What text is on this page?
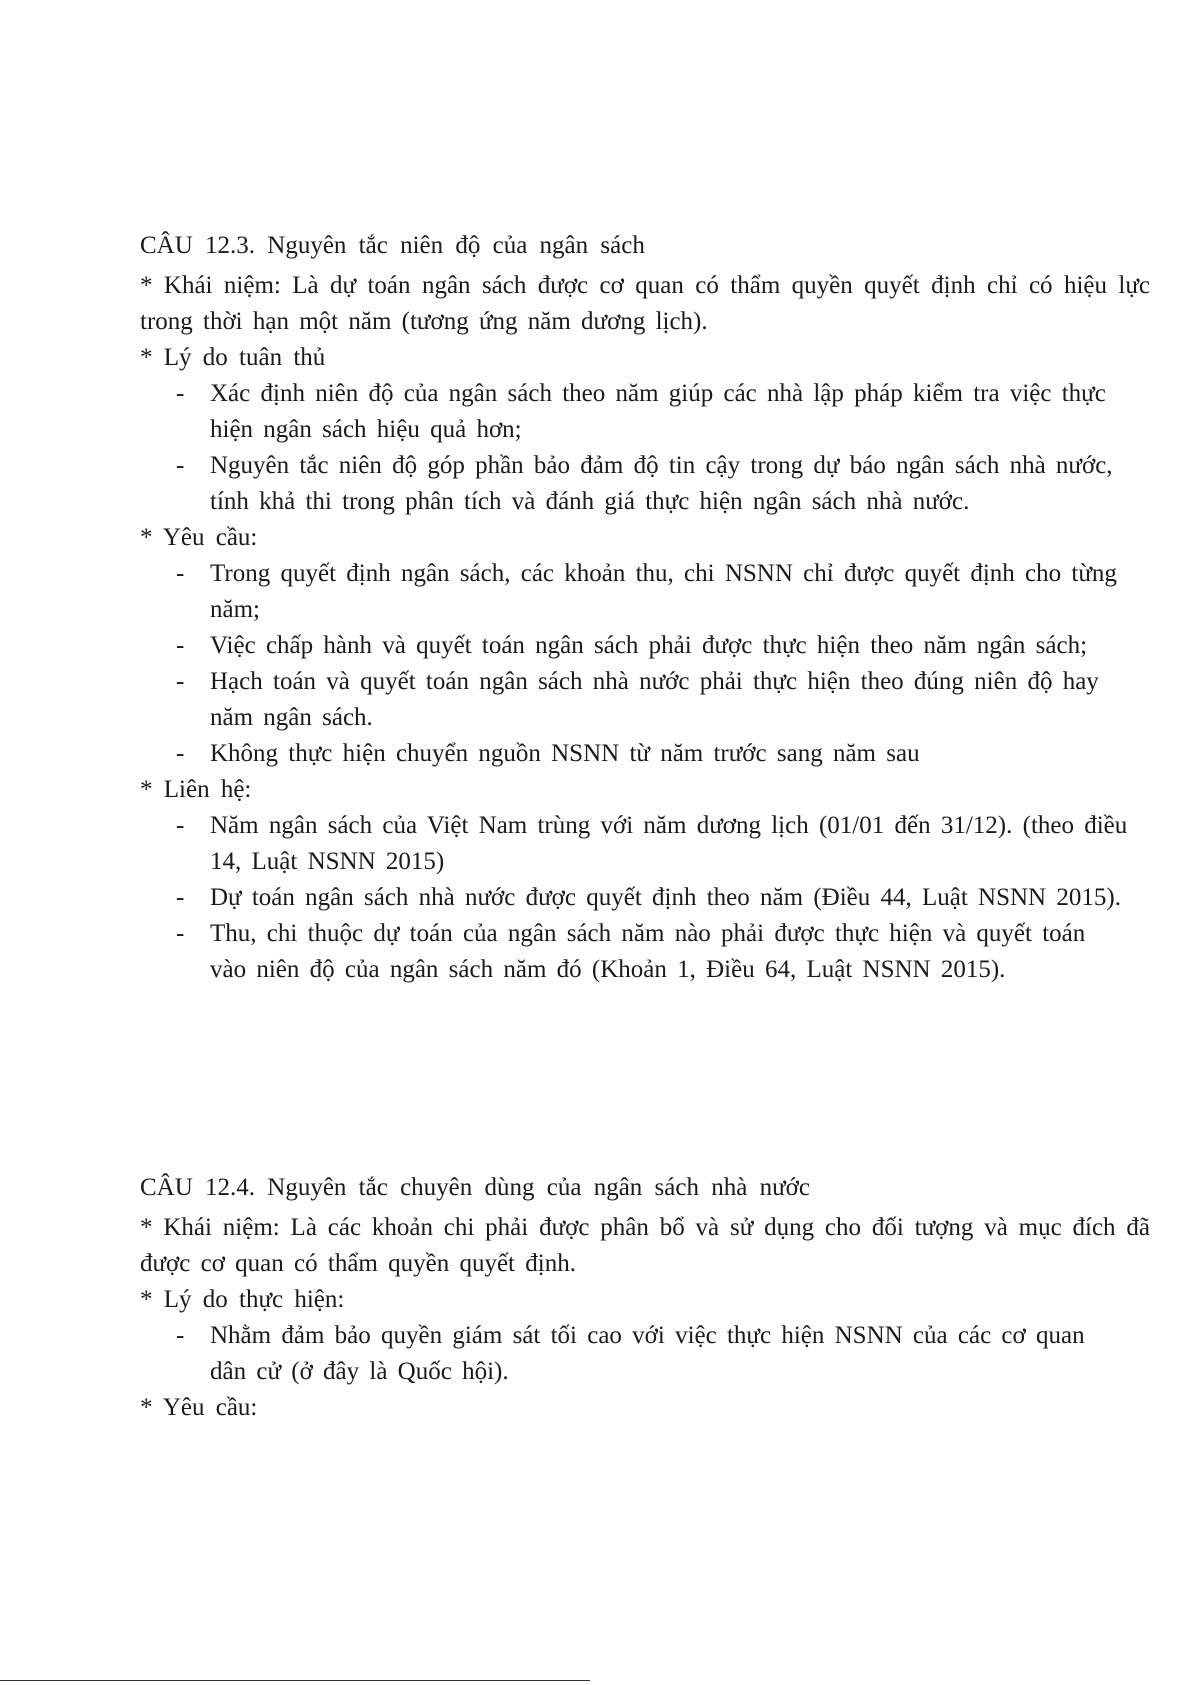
CÂU 12.3. Nguyên tắc niên độ của ngân sách

* Khái niệm: Là dự toán ngân sách được cơ quan có thẩm quyền quyết định chỉ có hiệu lực trong thời hạn một năm (tương ứng năm dương lịch).

* Lý do tuân thủ
- Xác định niên độ của ngân sách theo năm giúp các nhà lập pháp kiểm tra việc thực hiện ngân sách hiệu quả hơn;
- Nguyên tắc niên độ góp phần bảo đảm độ tin cậy trong dự báo ngân sách nhà nước, tính khả thi trong phân tích và đánh giá thực hiện ngân sách nhà nước.
* Yêu cầu:
- Trong quyết định ngân sách, các khoản thu, chi NSNN chỉ được quyết định cho từng năm;
- Việc chấp hành và quyết toán ngân sách phải được thực hiện theo năm ngân sách;
- Hạch toán và quyết toán ngân sách nhà nước phải thực hiện theo đúng niên độ hay năm ngân sách.
- Không thực hiện chuyển nguồn NSNN từ năm trước sang năm sau
* Liên hệ:
- Năm ngân sách của Việt Nam trùng với năm dương lịch (01/01 đến 31/12). (theo điều 14, Luật NSNN 2015)
- Dự toán ngân sách nhà nước được quyết định theo năm (Điều 44, Luật NSNN 2015).
- Thu, chi thuộc dự toán của ngân sách năm nào phải được thực hiện và quyết toán vào niên độ của ngân sách năm đó (Khoản 1, Điều 64, Luật NSNN 2015).
CÂU 12.4. Nguyên tắc chuyên dùng của ngân sách nhà nước

* Khái niệm: Là các khoản chi phải được phân bổ và sử dụng cho đối tượng và mục đích đã được cơ quan có thẩm quyền quyết định.

* Lý do thực hiện:
- Nhằm đảm bảo quyền giám sát tối cao với việc thực hiện NSNN của các cơ quan dân cử (ở đây là Quốc hội).
* Yêu cầu:
